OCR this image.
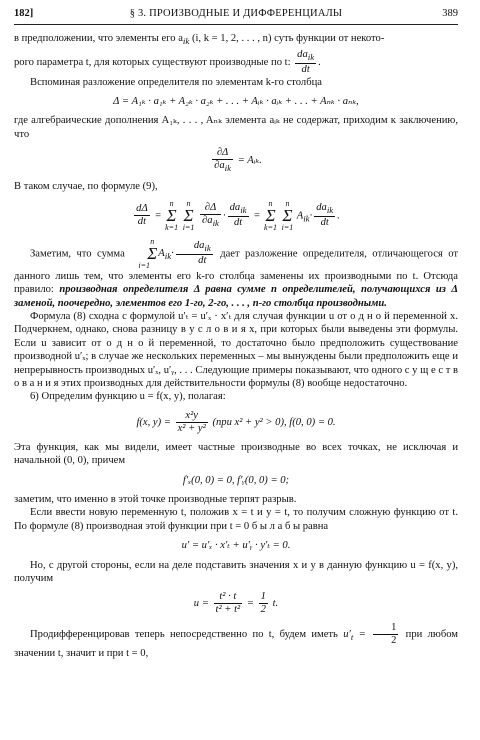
182]	§ 3. ПРОИЗВОДНЫЕ И ДИФФЕРЕНЦИАЛЫ	389

в предположении, что элементы его $a_{ik}$ (i, k = 1, 2, . . . , n) суть функции от некото-
рого параметра t, для которых существуют производные по t: $\frac{da_{ik}}{dt}$ .

Вспоминая разложение определителя по элементам k-го столбца

Δ = A₁ₖ · a₁ₖ + A₂ₖ · a₂ₖ + . . . + Aᵢₖ · aᵢₖ + . . . + Aₙₖ · aₙₖ,

где алгебраические дополнения A₁ₖ, . . . , Aₙₖ элемента aᵢₖ не содержат, приходим к заключению, что

$\frac{\partial\Delta}{\partial a_{ik}}$ = Aᵢₖ.

В таком случае, по формуле (9),

$\frac{d\Delta}{dt} = n$
Σ
k=1 n
Σ
$i=1 \frac{\partial\Delta}{\partial a_{ik}} \cdot \frac{da_{ik}}{dt} = n$
Σ
k=1 n
Σ
i=1 $A_{ik}\cdot \frac{da_{ik}}{dt}$ .

Заметим, что сумма n
Σ
$i=1A_{ik}\cdot \frac{da_{ik}}{dt}$ дает разложение определителя, отличающегося от данного лишь тем, что элементы его k-го столбца заменены их производными по t. Отсюда правило: производная определителя Δ равна сумме n определителей, получающихся из Δ заменой, поочередно, элементов его 1-го, 2-го, . . . , n-го столбца производными.

Формула (8) сходна с формулой u′ₜ = u′ₓ · x′ₜ для случая функции u от о д н о й переменной x. Подчеркнем, однако, снова разницу в у с л о в и я х, при которых были выведены эти формулы. Если u зависит от о д н о й переменной, то достаточно было предположить существование производной u′ₓ; в случае же нескольких переменных – мы вынуждены были предположить еще и непрерывность производных u′ₓ, u′ᵧ, . . . Следующие примеры показывают, что одного с у щ е с т в о в а н и я этих производных для действительности формулы (8) вообще недостаточно.

6) Определим функцию u = f(x, y), полагая:

f(x, $y) = \frac{\text{x²y}}{\text{x² + y²}} (при$ x² + y² > 0), f(0, 0) = 0.

Эта функция, как мы видели, имеет частные производные во всех точках, не исключая и начальной (0, 0), причем

f′ₓ(0, 0) = 0, f′ᵧ(0, 0) = 0;

заметим, что именно в этой точке производные терпят разрыв.

Если ввести новую переменную t, положив x = t и y = t, то получим сложную функцию от t. По формуле (8) производная этой функции при t = 0 б ы л а б ы равна

u′ = u′ₓ · x′ₜ + u′ᵧ · y′ₜ = 0.

Но, с другой стороны, если на деле подставить значения x и y в данную функцию u = f(x, y), получим

$u = \frac{\text{t² · t}}{\text{t² + t²}} = \frac{1}{2} t$.

Продифференцировав теперь непосредственно по t, будем иметь $u'_t = \frac{1}{2}$ при любом значении t, значит и при t = 0,
